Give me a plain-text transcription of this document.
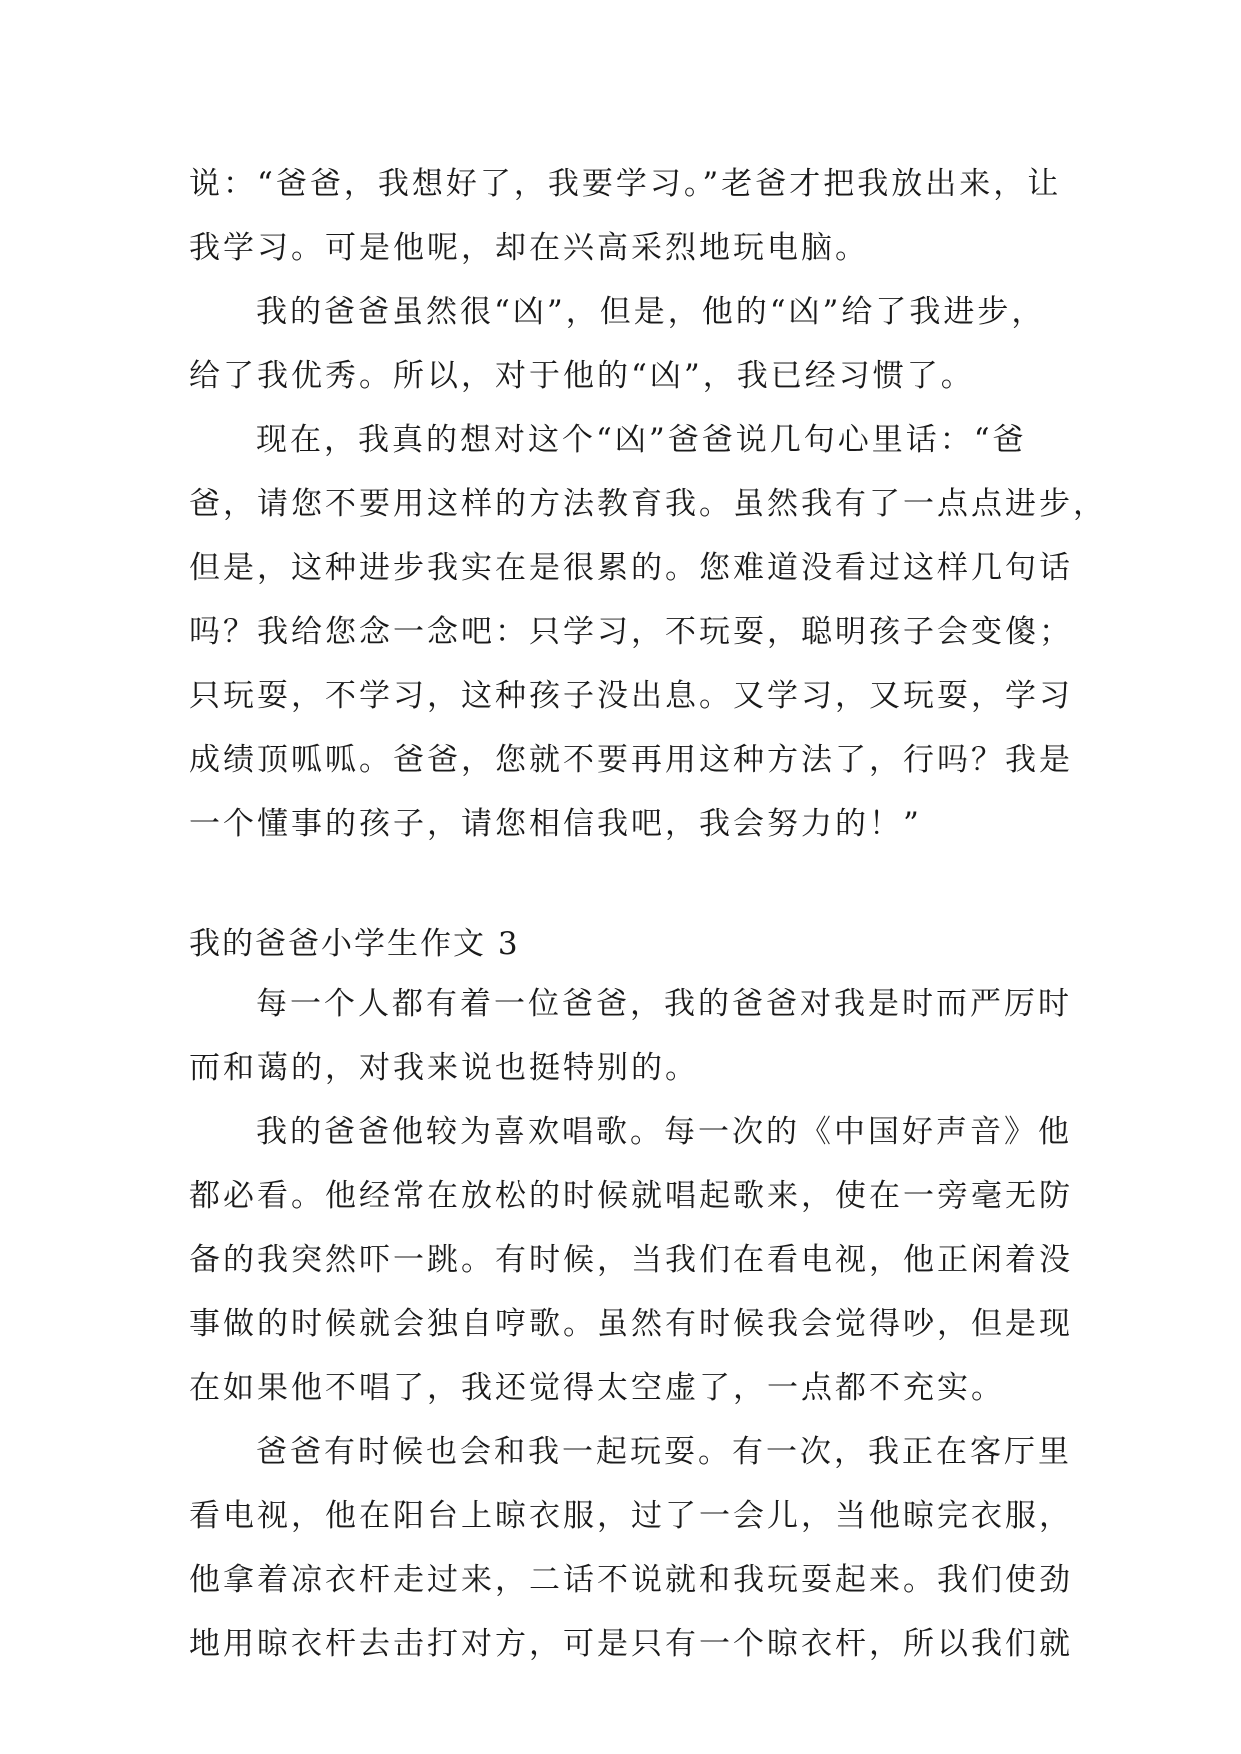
说：“爸爸，我想好了，我要学习。”老爸才把我放出来，让
我学习。可是他呢，却在兴高采烈地玩电脑。
我的爸爸虽然很“凶”，但是，他的“凶”给了我进步，
给了我优秀。所以，对于他的“凶”，我已经习惯了。
现在，我真的想对这个“凶”爸爸说几句心里话：“爸
爸，请您不要用这样的方法教育我。虽然我有了一点点进步，
但是，这种进步我实在是很累的。您难道没看过这样几句话
吗？我给您念一念吧：只学习，不玩耍，聪明孩子会变傻；
只玩耍，不学习，这种孩子没出息。又学习，又玩耍，学习
成绩顶呱呱。爸爸，您就不要再用这种方法了，行吗？我是
一个懂事的孩子，请您相信我吧，我会努力的！”
我的爸爸小学生作文 3
每一个人都有着一位爸爸，我的爸爸对我是时而严厉时
而和蔼的，对我来说也挺特别的。
我的爸爸他较为喜欢唱歌。每一次的《中国好声音》他
都必看。他经常在放松的时候就唱起歌来，使在一旁毫无防
备的我突然吓一跳。有时候，当我们在看电视，他正闲着没
事做的时候就会独自哼歌。虽然有时候我会觉得吵，但是现
在如果他不唱了，我还觉得太空虚了，一点都不充实。
爸爸有时候也会和我一起玩耍。有一次，我正在客厅里
看电视，他在阳台上晾衣服，过了一会儿，当他晾完衣服，
他拿着凉衣杆走过来，二话不说就和我玩耍起来。我们使劲
地用晾衣杆去击打对方，可是只有一个晾衣杆，所以我们就
